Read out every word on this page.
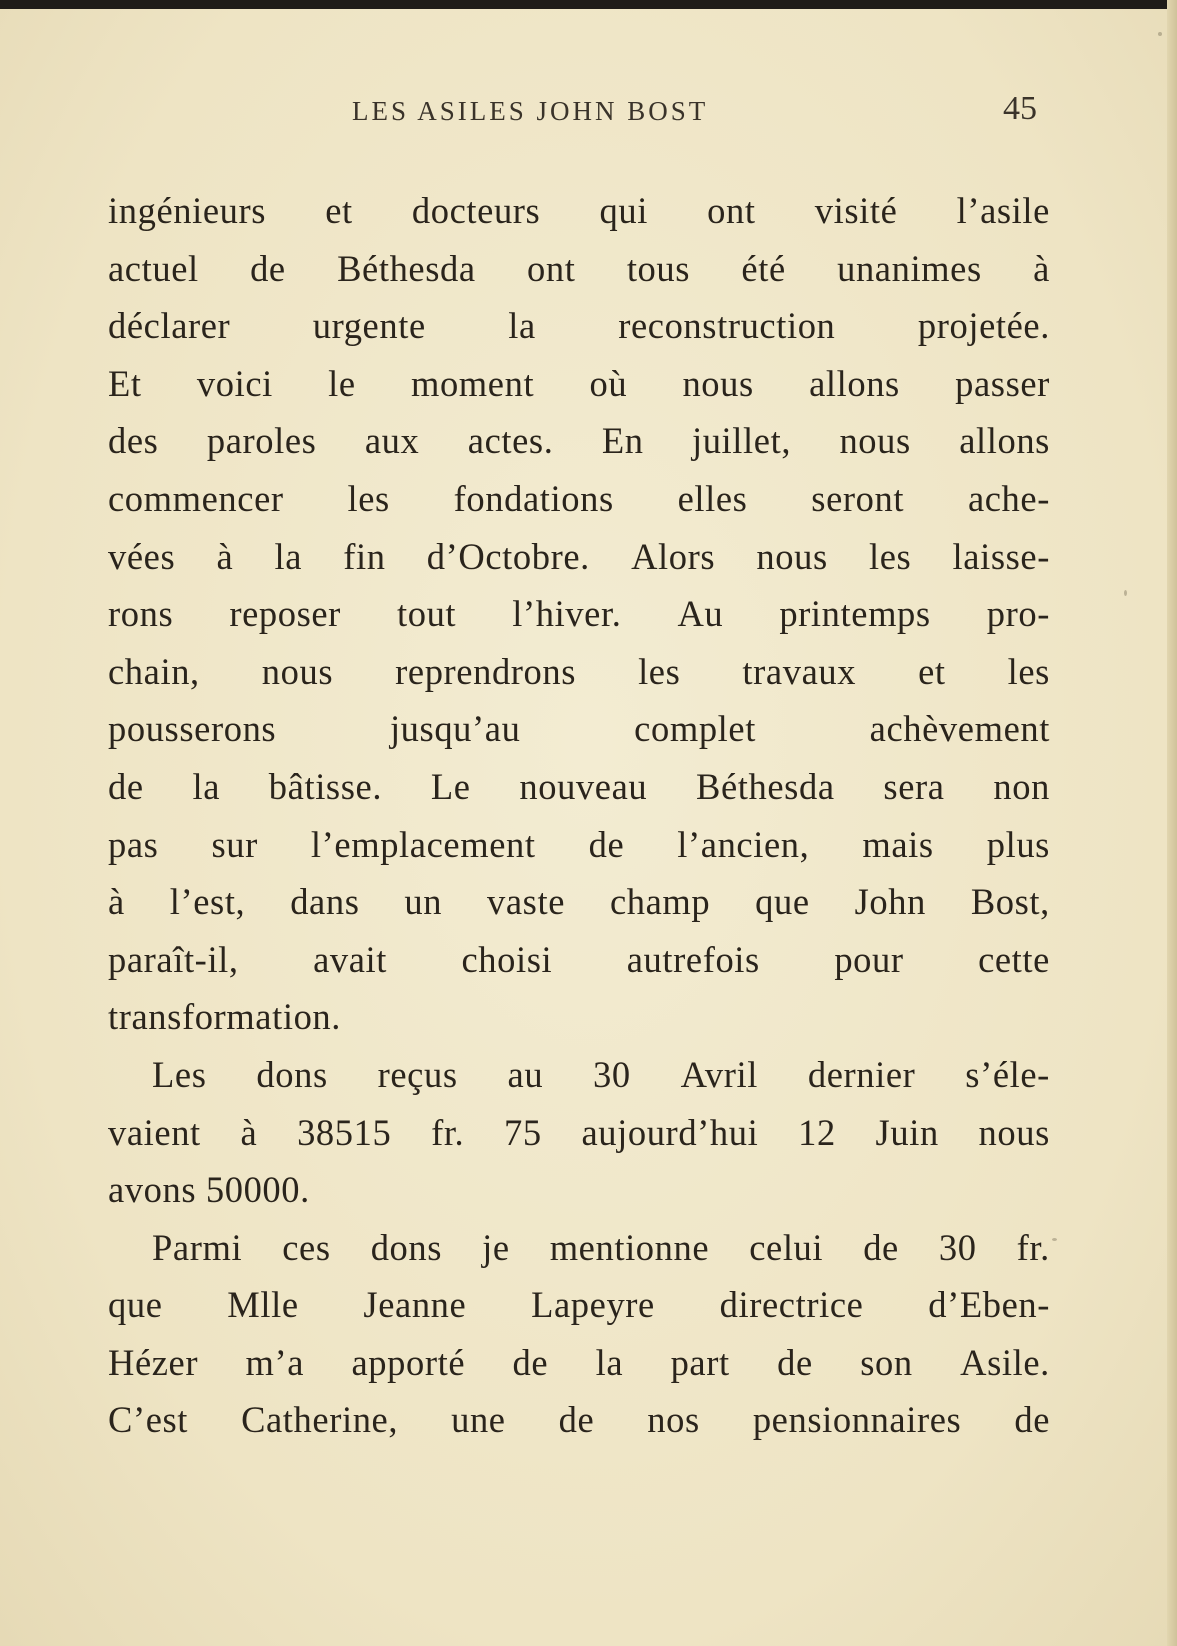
LES ASILES JOHN BOST	45
ingénieurs et docteurs qui ont visité l’asile
actuel de Béthesda ont tous été unanimes à
déclarer urgente la reconstruction projetée.
Et voici le moment où nous allons passer
des paroles aux actes. En juillet, nous allons
commencer les fondations elles seront ache-
vées à la fin d’Octobre. Alors nous les laisse-
rons reposer tout l’hiver. Au printemps pro-
chain, nous reprendrons les travaux et les
pousserons	jusqu’au	complet	achèvement
de la bâtisse. Le nouveau Béthesda sera non
pas sur l’emplacement de l’ancien, mais plus
à l’est, dans un vaste champ que John Bost,
paraît-il, avait choisi autrefois pour cette
transformation.
Les dons reçus au 30 Avril dernier s’éle-
vaient à 38515 fr. 75 aujourd’hui 12 Juin nous
avons 50000.
Parmi ces dons je mentionne celui de 30 fr.
que Mlle Jeanne Lapeyre directrice d’Eben-
Hézer m’a apporté de la part de son Asile.
C’est Catherine, une de nos pensionnaires de
